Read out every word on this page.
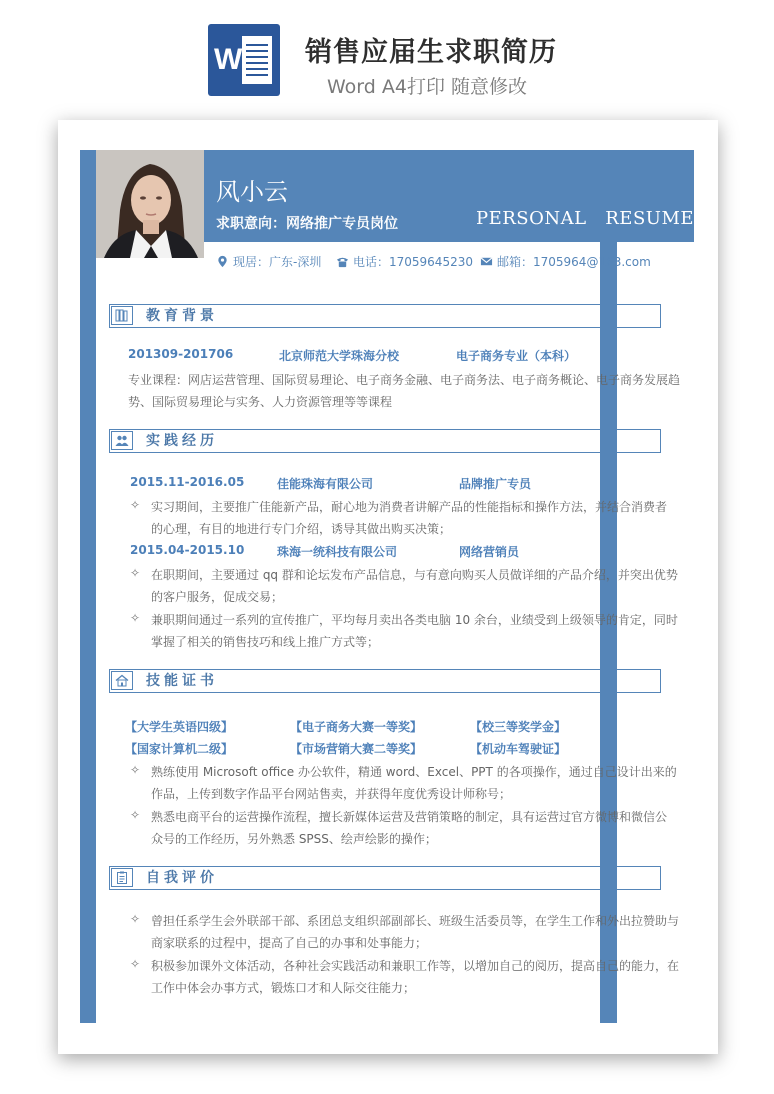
W 销售应届生求职简历
Word A4打印 随意修改
风小云
求职意向：网络推广专员岗位	PERSONAL   RESUME
现居：广东-深圳	电话：17059645230 邮箱：1705964@163.com
教育背景
201309-201706	北京师范大学珠海分校	电子商务专业（本科）
专业课程：网店运营管理、国际贸易理论、电子商务金融、电子商务法、电子商务概论、电子商务发展趋
势、国际贸易理论与实务、人力资源管理等等课程
实践经历
2015.11-2016.05	佳能珠海有限公司	品牌推广专员
✧ 实习期间，主要推广佳能新产品，耐心地为消费者讲解产品的性能指标和操作方法，并结合消费者
的心理，有目的地进行专门介绍，诱导其做出购买决策；
2015.04-2015.10	珠海一统科技有限公司	网络营销员
✧ 在职期间，主要通过 qq 群和论坛发布产品信息，与有意向购买人员做详细的产品介绍，并突出优势
的客户服务，促成交易；
✧ 兼职期间通过一系列的宣传推广，平均每月卖出各类电脑 10 余台，业绩受到上级领导的肯定，同时
掌握了相关的销售技巧和线上推广方式等；
技能证书
【大学生英语四级】	【电子商务大赛一等奖】	【校三等奖学金】
【国家计算机二级】	【市场营销大赛二等奖】	【机动车驾驶证】
✧ 熟练使用 Microsoft office 办公软件，精通 word、Excel、PPT 的各项操作，通过自己设计出来的
作品，上传到数字作品平台网站售卖，并获得年度优秀设计师称号；
✧ 熟悉电商平台的运营操作流程，擅长新媒体运营及营销策略的制定，具有运营过官方微博和微信公
众号的工作经历，另外熟悉 SPSS、绘声绘影的操作；
自我评价
✧ 曾担任系学生会外联部干部、系团总支组织部副部长、班级生活委员等，在学生工作和外出拉赞助与
商家联系的过程中，提高了自己的办事和处事能力；
✧ 积极参加课外文体活动，各种社会实践活动和兼职工作等，以增加自己的阅历，提高自己的能力，在
工作中体会办事方式，锻炼口才和人际交往能力；
